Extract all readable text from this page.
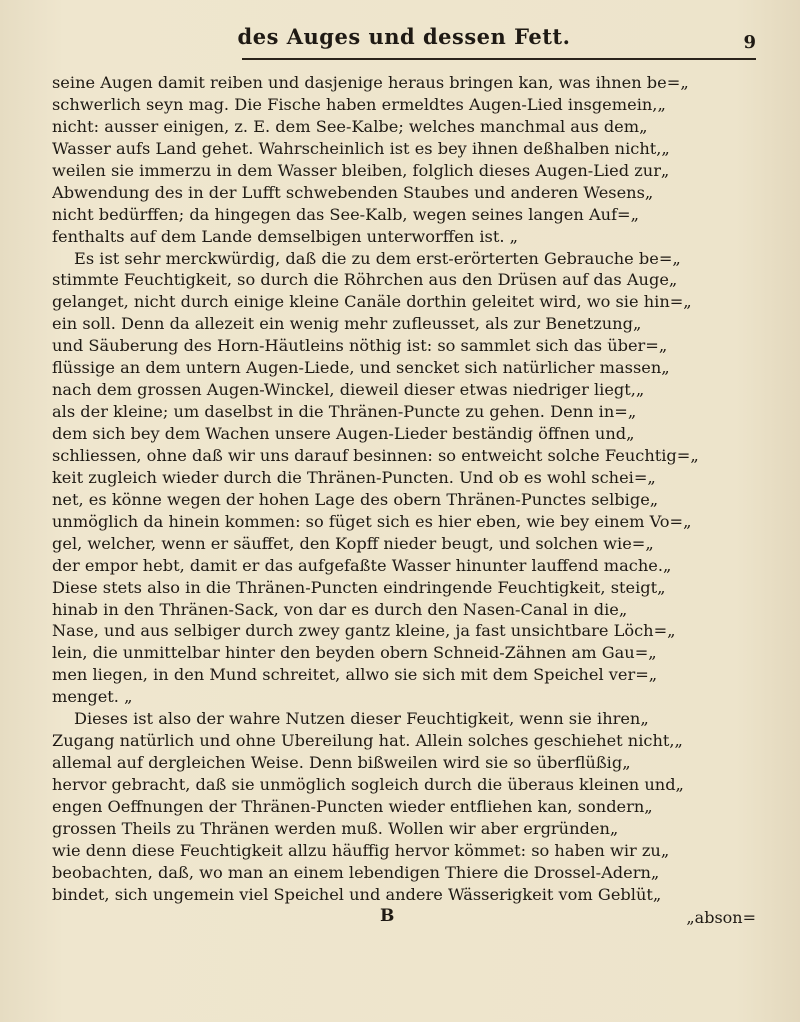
des Auges und dessen Fett.	9
seine Augen damit reiben und dasjenige heraus bringen kan, was ihnen be=„
schwerlich seyn mag. Die Fische haben ermeldtes Augen-Lied insgemein,„
nicht: ausser einigen, z. E. dem See-Kalbe; welches manchmal aus dem„
Wasser aufs Land gehet. Wahrscheinlich ist es bey ihnen deßhalben nicht,„
weilen sie immerzu in dem Wasser bleiben, folglich dieses Augen-Lied zur„
Abwendung des in der Lufft schwebenden Staubes und anderen Wesens„
nicht bedürffen; da hingegen das See-Kalb, wegen seines langen Auf=„
fenthalts auf dem Lande demselbigen unterworffen ist. „
Es ist sehr merckwürdig, daß die zu dem erst-erörterten Gebrauche be=„
stimmte Feuchtigkeit, so durch die Röhrchen aus den Drüsen auf das Auge„
gelanget, nicht durch einige kleine Canäle dorthin geleitet wird, wo sie hin=„
ein soll. Denn da allezeit ein wenig mehr zufleusset, als zur Benetzung„
und Säuberung des Horn-Häutleins nöthig ist: so sammlet sich das über=„
flüssige an dem untern Augen-Liede, und sencket sich natürlicher massen„
nach dem grossen Augen-Winckel, dieweil dieser etwas niedriger liegt,„
als der kleine; um daselbst in die Thränen-Puncte zu gehen. Denn in=„
dem sich bey dem Wachen unsere Augen-Lieder beständig öffnen und„
schliessen, ohne daß wir uns darauf besinnen: so entweicht solche Feuchtig=„
keit zugleich wieder durch die Thränen-Puncten. Und ob es wohl schei=„
net, es könne wegen der hohen Lage des obern Thränen-Punctes selbige„
unmöglich da hinein kommen: so füget sich es hier eben, wie bey einem Vo=„
gel, welcher, wenn er säuffet, den Kopff nieder beugt, und solchen wie=„
der empor hebt, damit er das aufgefaßte Wasser hinunter lauffend mache.„
Diese stets also in die Thränen-Puncten eindringende Feuchtigkeit, steigt„
hinab in den Thränen-Sack, von dar es durch den Nasen-Canal in die„
Nase, und aus selbiger durch zwey gantz kleine, ja fast unsichtbare Löch=„
lein, die unmittelbar hinter den beyden obern Schneid-Zähnen am Gau=„
men liegen, in den Mund schreitet, allwo sie sich mit dem Speichel ver=„
menget. „
Dieses ist also der wahre Nutzen dieser Feuchtigkeit, wenn sie ihren„
Zugang natürlich und ohne Ubereilung hat. Allein solches geschiehet nicht,„
allemal auf dergleichen Weise. Denn bißweilen wird sie so überflüßig„
hervor gebracht, daß sie unmöglich sogleich durch die überaus kleinen und„
engen Oeffnungen der Thränen-Puncten wieder entfliehen kan, sondern„
grossen Theils zu Thränen werden muß. Wollen wir aber ergründen„
wie denn diese Feuchtigkeit allzu häuffig hervor kömmet: so haben wir zu„
beobachten, daß, wo man an einem lebendigen Thiere die Drossel-Adern„
bindet, sich ungemein viel Speichel und andere Wässerigkeit vom Geblüt„
B	„abson=
